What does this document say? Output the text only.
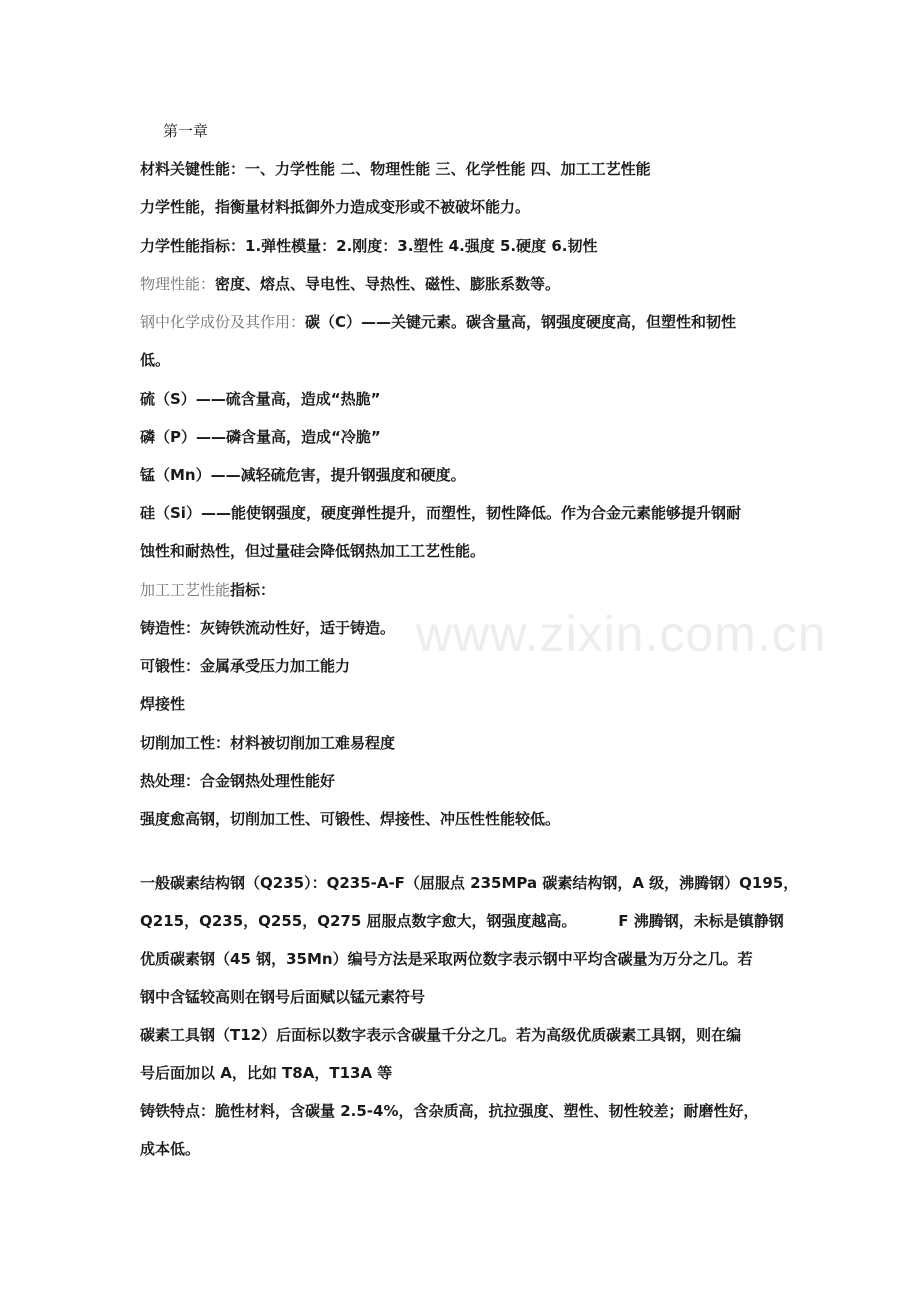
第一章
材料关键性能：一、力学性能 二、物理性能 三、化学性能 四、加工工艺性能
力学性能，指衡量材料抵御外力造成变形或不被破坏能力。
力学性能指标：1.弹性模量：2.刚度：3.塑性 4.强度 5.硬度 6.韧性
物理性能：密度、熔点、导电性、导热性、磁性、膨胀系数等。
钢中化学成份及其作用：碳（C）——关键元素。碳含量高，钢强度硬度高，但塑性和韧性
低。
硫（S）——硫含量高，造成“热脆”
磷（P）——磷含量高，造成“冷脆”
锰（Mn）——减轻硫危害，提升钢强度和硬度。
硅（Si）——能使钢强度，硬度弹性提升，而塑性，韧性降低。作为合金元素能够提升钢耐
蚀性和耐热性，但过量硅会降低钢热加工工艺性能。
加工工艺性能指标：
www.zixin.com.cn
铸造性：灰铸铁流动性好，适于铸造。
可锻性：金属承受压力加工能力
焊接性
切削加工性：材料被切削加工难易程度
热处理：合金钢热处理性能好
强度愈高钢，切削加工性、可锻性、焊接性、冲压性性能较低。
一般碳素结构钢（Q235）：Q235-A-F（屈服点 235MPa 碳素结构钢，A 级，沸腾钢）Q195，
Q215，Q235，Q255，Q275 屈服点数字愈大，钢强度越高。        F 沸腾钢，未标是镇静钢
优质碳素钢（45 钢，35Mn）编号方法是采取两位数字表示钢中平均含碳量为万分之几。若
钢中含锰较高则在钢号后面赋以锰元素符号
碳素工具钢（T12）后面标以数字表示含碳量千分之几。若为高级优质碳素工具钢，则在编
号后面加以 A，比如 T8A，T13A 等
铸铁特点：脆性材料，含碳量 2.5-4%，含杂质高，抗拉强度、塑性、韧性较差；耐磨性好，
成本低。
